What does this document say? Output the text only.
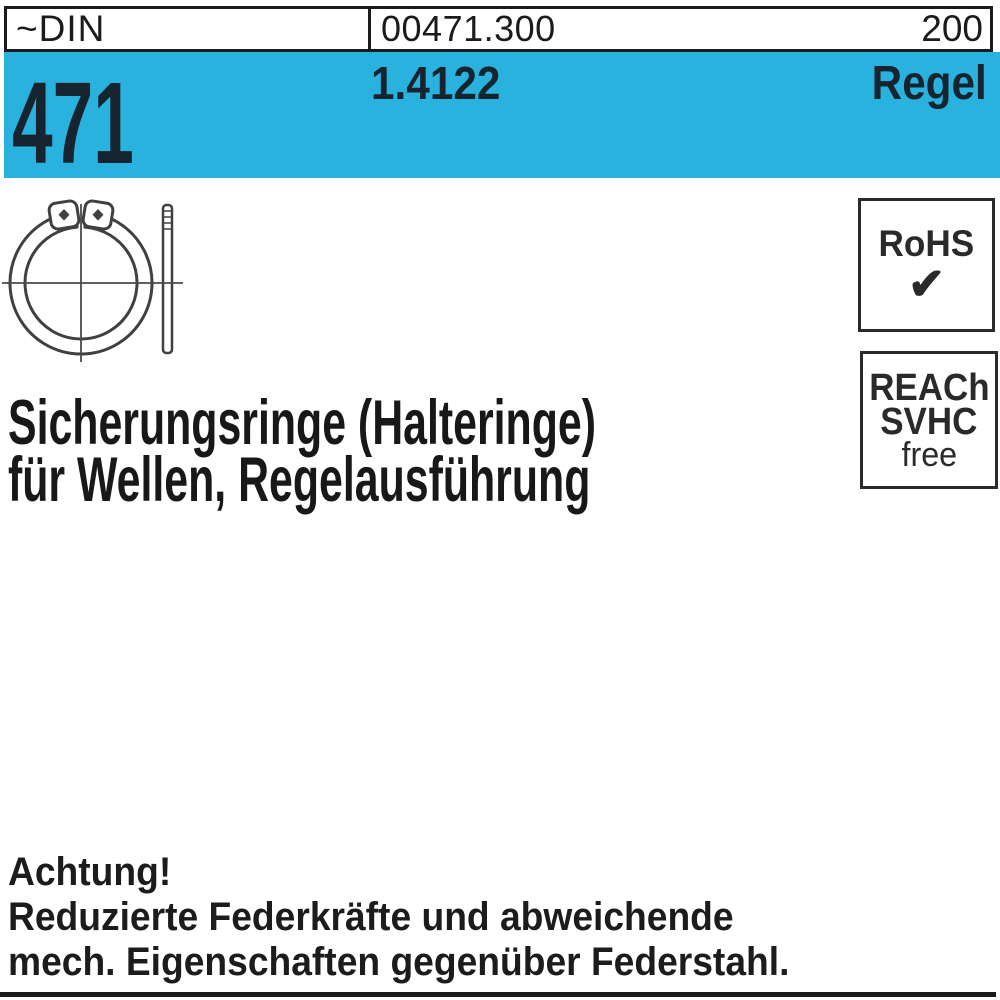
~DIN	00471.300	200
471	1.4122	Regel
RoHS
✔
REACh
SVHC
free
Sicherungsringe (Halteringe)
für Wellen, Regelausführung
Achtung!
Reduzierte Federkräfte und abweichende
mech. Eigenschaften gegenüber Federstahl.
